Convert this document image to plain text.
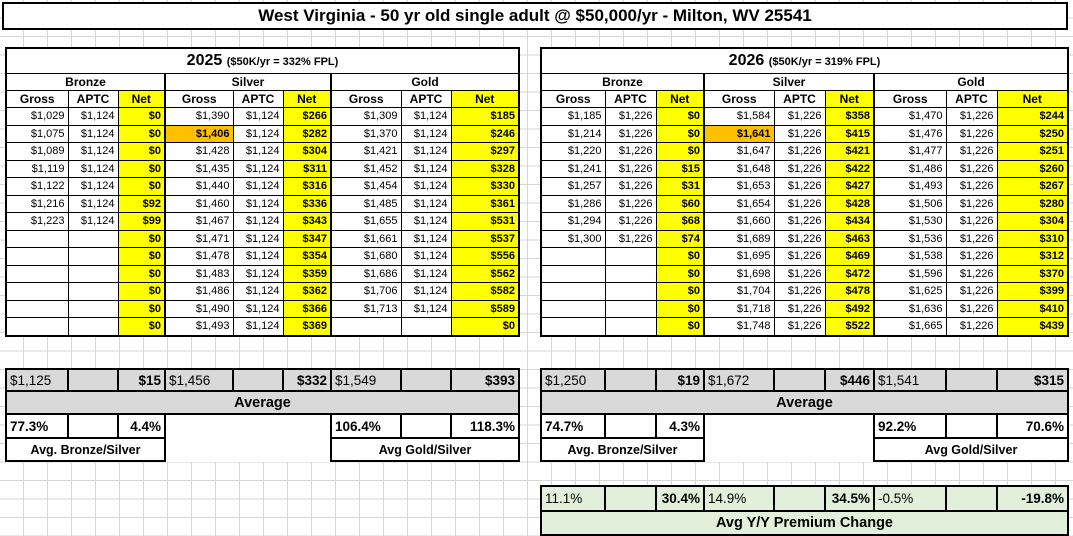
West Virginia - 50 yr old single adult @ $50,000/yr - Milton, WV 25541
2025 ($50K/yr = 332% FPL)								
Bronze			Silver			Gold		
Gross	APTC	Net	Gross	APTC	Net	Gross	APTC	Net
$1,029	$1,124	$0	$1,390	$1,124	$266	$1,309	$1,124	$185
$1,075	$1,124	$0	$1,406	$1,124	$282	$1,370	$1,124	$246
$1,089	$1,124	$0	$1,428	$1,124	$304	$1,421	$1,124	$297
$1,119	$1,124	$0	$1,435	$1,124	$311	$1,452	$1,124	$328
$1,122	$1,124	$0	$1,440	$1,124	$316	$1,454	$1,124	$330
$1,216	$1,124	$92	$1,460	$1,124	$336	$1,485	$1,124	$361
$1,223	$1,124	$99	$1,467	$1,124	$343	$1,655	$1,124	$531
		$0	$1,471	$1,124	$347	$1,661	$1,124	$537
		$0	$1,478	$1,124	$354	$1,680	$1,124	$556
		$0	$1,483	$1,124	$359	$1,686	$1,124	$562
		$0	$1,486	$1,124	$362	$1,706	$1,124	$582
		$0	$1,490	$1,124	$366	$1,713	$1,124	$589
		$0	$1,493	$1,124	$369			$0
2026 ($50K/yr = 319% FPL)								
Bronze			Silver			Gold		
Gross	APTC	Net	Gross	APTC	Net	Gross	APTC	Net
$1,185	$1,226	$0	$1,584	$1,226	$358	$1,470	$1,226	$244
$1,214	$1,226	$0	$1,641	$1,226	$415	$1,476	$1,226	$250
$1,220	$1,226	$0	$1,647	$1,226	$421	$1,477	$1,226	$251
$1,241	$1,226	$15	$1,648	$1,226	$422	$1,486	$1,226	$260
$1,257	$1,226	$31	$1,653	$1,226	$427	$1,493	$1,226	$267
$1,286	$1,226	$60	$1,654	$1,226	$428	$1,506	$1,226	$280
$1,294	$1,226	$68	$1,660	$1,226	$434	$1,530	$1,226	$304
$1,300	$1,226	$74	$1,689	$1,226	$463	$1,536	$1,226	$310
		$0	$1,695	$1,226	$469	$1,538	$1,226	$312
		$0	$1,698	$1,226	$472	$1,596	$1,226	$370
		$0	$1,704	$1,226	$478	$1,625	$1,226	$399
		$0	$1,718	$1,226	$492	$1,636	$1,226	$410
		$0	$1,748	$1,226	$522	$1,665	$1,226	$439
$1,125		$15	$1,456		$332	$1,549		$393
Average								
77.3%		4.4%				106.4%		118.3%
Avg. Bronze/Silver						Avg Gold/Silver		
$1,250		$19	$1,672		$446	$1,541		$315
Average								
74.7%		4.3%				92.2%		70.6%
Avg. Bronze/Silver						Avg Gold/Silver		
11.1%		30.4%	14.9%		34.5%	-0.5%		-19.8%
Avg Y/Y Premium Change
